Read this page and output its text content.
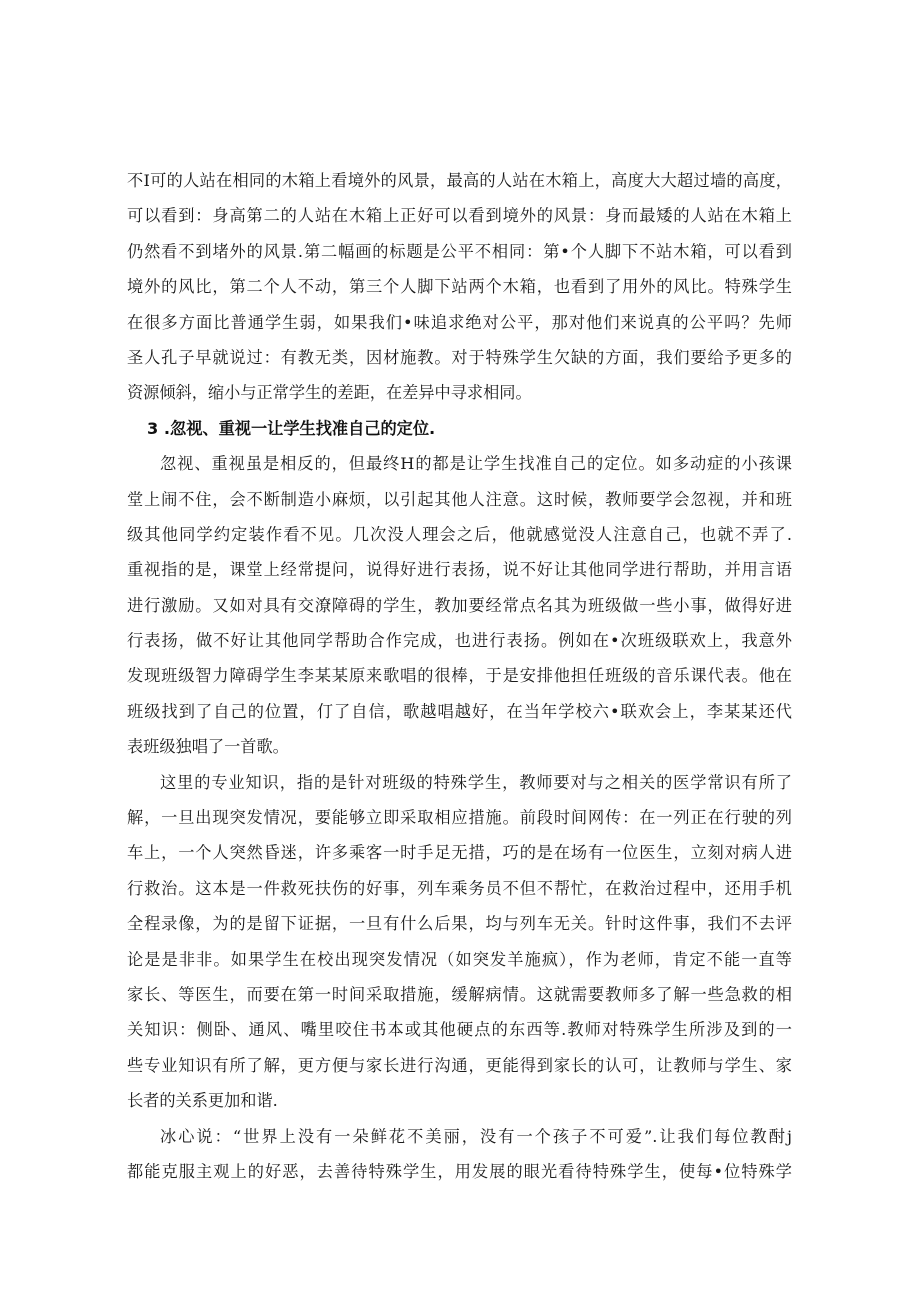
不I可的人站在相同的木箱上看境外的风景，最高的人站在木箱上，高度大大超过墙的高度，
可以看到：身高第二的人站在木箱上正好可以看到境外的风景：身而最矮的人站在木箱上
仍然看不到堵外的风景.第二幅画的标题是公平不相同：第•个人脚下不站木箱，可以看到
境外的风比，第二个人不动，第三个人脚下站两个木箱，也看到了用外的风比。特殊学生
在很多方面比普通学生弱，如果我们•味追求绝对公平，那对他们来说真的公平吗？先师
圣人孔子早就说过：有教无类，因材施教。对于特殊学生欠缺的方面，我们要给予更多的
资源倾斜，缩小与正常学生的差距，在差异中寻求相同。
3 .忽视、重视一让学生找准自己的定位.
忽视、重视虽是相反的，但最终H的都是让学生找准自己的定位。如多动症的小孩课
堂上闹不住，会不断制造小麻烦，以引起其他人注意。这时候，教师要学会忽视，并和班
级其他同学约定装作看不见。几次没人理会之后，他就感觉没人注意自己，也就不弄了.
重视指的是，课堂上经常提问，说得好进行表扬，说不好让其他同学进行帮助，并用言语
进行激励。又如对具有交潦障碍的学生，教加要经常点名其为班级做一些小事，做得好进
行表扬，做不好让其他同学帮助合作完成，也进行表扬。例如在•次班级联欢上，我意外
发现班级智力障碍学生李某某原来歌唱的很棒，于是安排他担任班级的音乐课代表。他在
班级找到了自己的位置，仃了自信，歌越唱越好，在当年学校六•联欢会上，李某某还代
表班级独唱了一首歌。
这里的专业知识，指的是针对班级的特殊学生，教师要对与之相关的医学常识有所了
解，一旦出现突发情况，要能够立即采取相应措施。前段时间网传：在一列正在行驶的列
车上，一个人突然昏迷，许多乘客一时手足无措，巧的是在场有一位医生，立刻对病人进
行救治。这本是一件救死扶伤的好事，列车乘务员不但不帮忙，在救治过程中，还用手机
全程录像，为的是留下证据，一旦有什么后果，均与列车无关。针时这件事，我们不去评
论是是非非。如果学生在校出现突发情况（如突发羊施疯），作为老师，肯定不能一直等
家长、等医生，而要在第一时间采取措施，缓解病情。这就需要教师多了解一些急救的相
关知识：侧卧、通风、嘴里咬住书本或其他硬点的东西等.教师对特殊学生所涉及到的一
些专业知识有所了解，更方便与家长进行沟通，更能得到家长的认可，让教师与学生、家
长者的关系更加和谐.
冰心说：“世界上没有一朵鲜花不美丽，没有一个孩子不可爱”.让我们每位教酎j
都能克服主观上的好恶，去善待特殊学生，用发展的眼光看待特殊学生，使每•位特殊学
